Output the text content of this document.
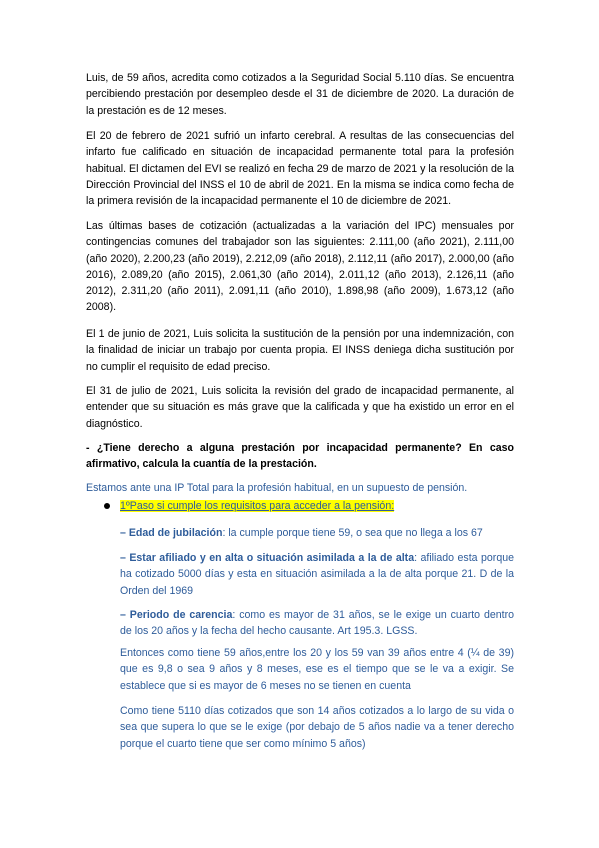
Luis, de 59 años, acredita como cotizados a la Seguridad Social 5.110 días. Se encuentra percibiendo prestación por desempleo desde el 31 de diciembre de 2020. La duración de la prestación es de 12 meses.

El 20 de febrero de 2021 sufrió un infarto cerebral. A resultas de las consecuencias del infarto fue calificado en situación de incapacidad permanente total para la profesión habitual. El dictamen del EVI se realizó en fecha 29 de marzo de 2021 y la resolución de la Dirección Provincial del INSS el 10 de abril de 2021. En la misma se indica como fecha de la primera revisión de la incapacidad permanente el 10 de diciembre de 2021.

Las últimas bases de cotización (actualizadas a la variación del IPC) mensuales por contingencias comunes del trabajador son las siguientes: 2.111,00 (año 2021), 2.111,00 (año 2020), 2.200,23 (año 2019), 2.212,09 (año 2018), 2.112,11 (año 2017), 2.000,00 (año 2016), 2.089,20 (año 2015), 2.061,30 (año 2014), 2.011,12 (año 2013), 2.126,11 (año 2012), 2.311,20 (año 2011), 2.091,11 (año 2010), 1.898,98 (año 2009), 1.673,12 (año 2008).

El 1 de junio de 2021, Luis solicita la sustitución de la pensión por una indemnización, con la finalidad de iniciar un trabajo por cuenta propia. El INSS deniega dicha sustitución por no cumplir el requisito de edad preciso.

El 31 de julio de 2021, Luis solicita la revisión del grado de incapacidad permanente, al entender que su situación es más grave que la calificada y que ha existido un error en el diagnóstico.

- ¿Tiene derecho a alguna prestación por incapacidad permanente? En caso afirmativo, calcula la cuantía de la prestación.

Estamos ante una IP Total para la profesión habitual, en un supuesto de pensión.

1ºPaso si cumple los requisitos para acceder a la pensión:

– Edad de jubilación: la cumple porque tiene 59, o sea que no llega a los 67

– Estar afiliado y en alta o situación asimilada a la de alta: afiliado esta porque ha cotizado 5000 días y esta en situación asimilada a la de alta porque 21. D de la Orden del 1969

– Periodo de carencia: como es mayor de 31 años, se le exige un cuarto dentro de los 20 años y la fecha del hecho causante. Art 195.3. LGSS.

Entonces como tiene 59 años,entre los 20 y los 59 van 39 años entre 4 (¼ de 39) que es 9,8 o sea 9 años y 8 meses, ese es el tiempo que se le va a exigir. Se establece que si es mayor de 6 meses no se tienen en cuenta

Como tiene 5110 días cotizados que son 14 años cotizados a lo largo de su vida o sea que supera lo que se le exige (por debajo de 5 años nadie va a tener derecho porque el cuarto tiene que ser como mínimo 5 años)
